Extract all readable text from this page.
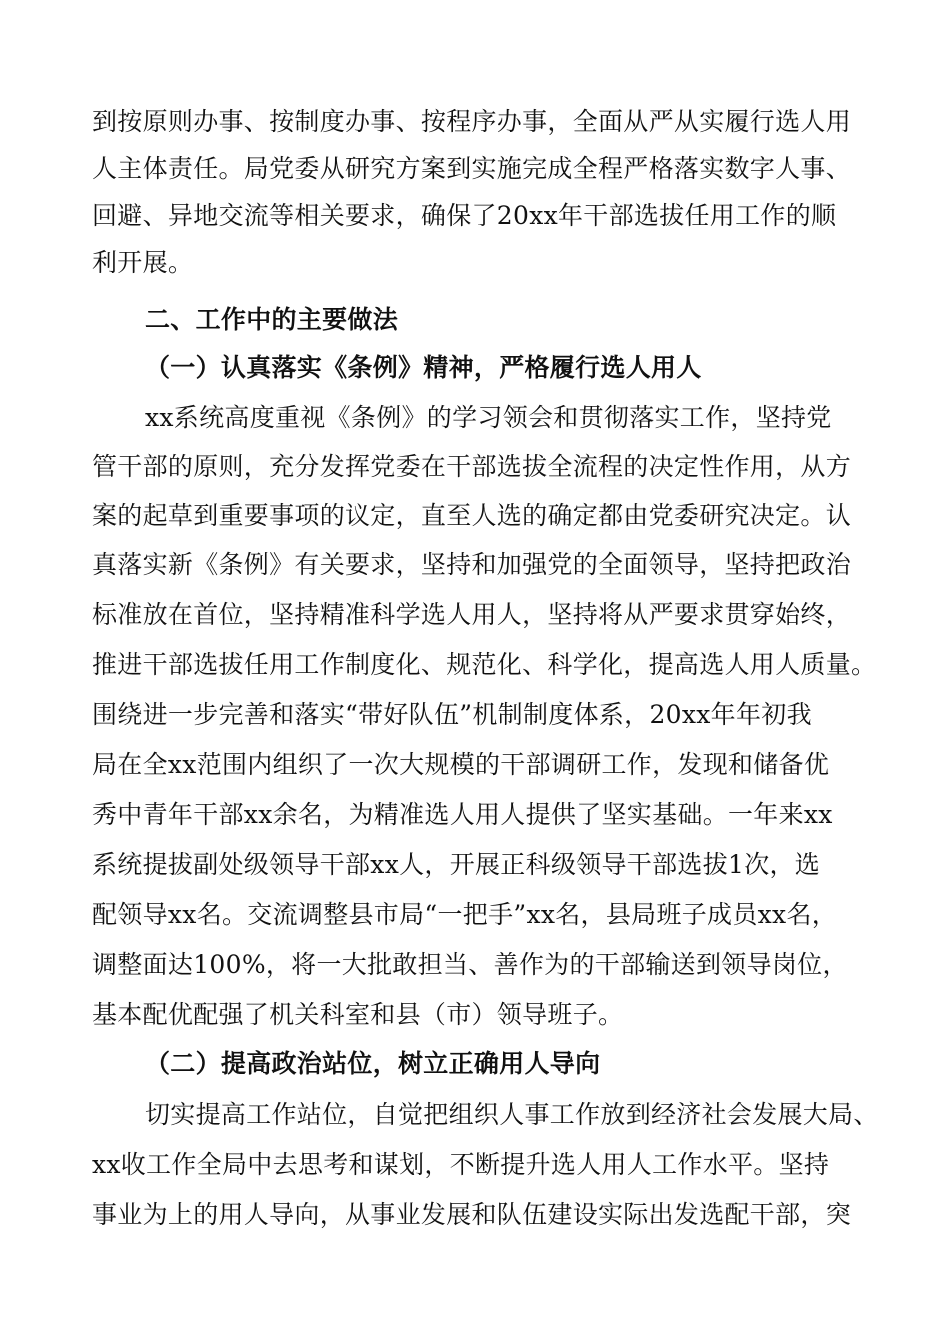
到按原则办事、按制度办事、按程序办事，全面从严从实履行选人用
人主体责任。局党委从研究方案到实施完成全程严格落实数字人事、
回避、异地交流等相关要求，确保了20xx年干部选拔任用工作的顺
利开展。
二、工作中的主要做法
（一）认真落实《条例》精神，严格履行选人用人
xx系统高度重视《条例》的学习领会和贯彻落实工作，坚持党
管干部的原则，充分发挥党委在干部选拔全流程的决定性作用，从方
案的起草到重要事项的议定，直至人选的确定都由党委研究决定。认
真落实新《条例》有关要求，坚持和加强党的全面领导，坚持把政治
标准放在首位，坚持精准科学选人用人，坚持将从严要求贯穿始终，
推进干部选拔任用工作制度化、规范化、科学化，提高选人用人质量。
围绕进一步完善和落实“带好队伍”机制制度体系，20xx年年初我
局在全xx范围内组织了一次大规模的干部调研工作，发现和储备优
秀中青年干部xx余名，为精准选人用人提供了坚实基础。一年来xx
系统提拔副处级领导干部xx人，开展正科级领导干部选拔1次，选
配领导xx名。交流调整县市局“一把手”xx名，县局班子成员xx名，
调整面达100%，将一大批敢担当、善作为的干部输送到领导岗位，
基本配优配强了机关科室和县（市）领导班子。
（二）提高政治站位，树立正确用人导向
切实提高工作站位，自觉把组织人事工作放到经济社会发展大局、
xx收工作全局中去思考和谋划，不断提升选人用人工作水平。坚持
事业为上的用人导向，从事业发展和队伍建设实际出发选配干部，突
